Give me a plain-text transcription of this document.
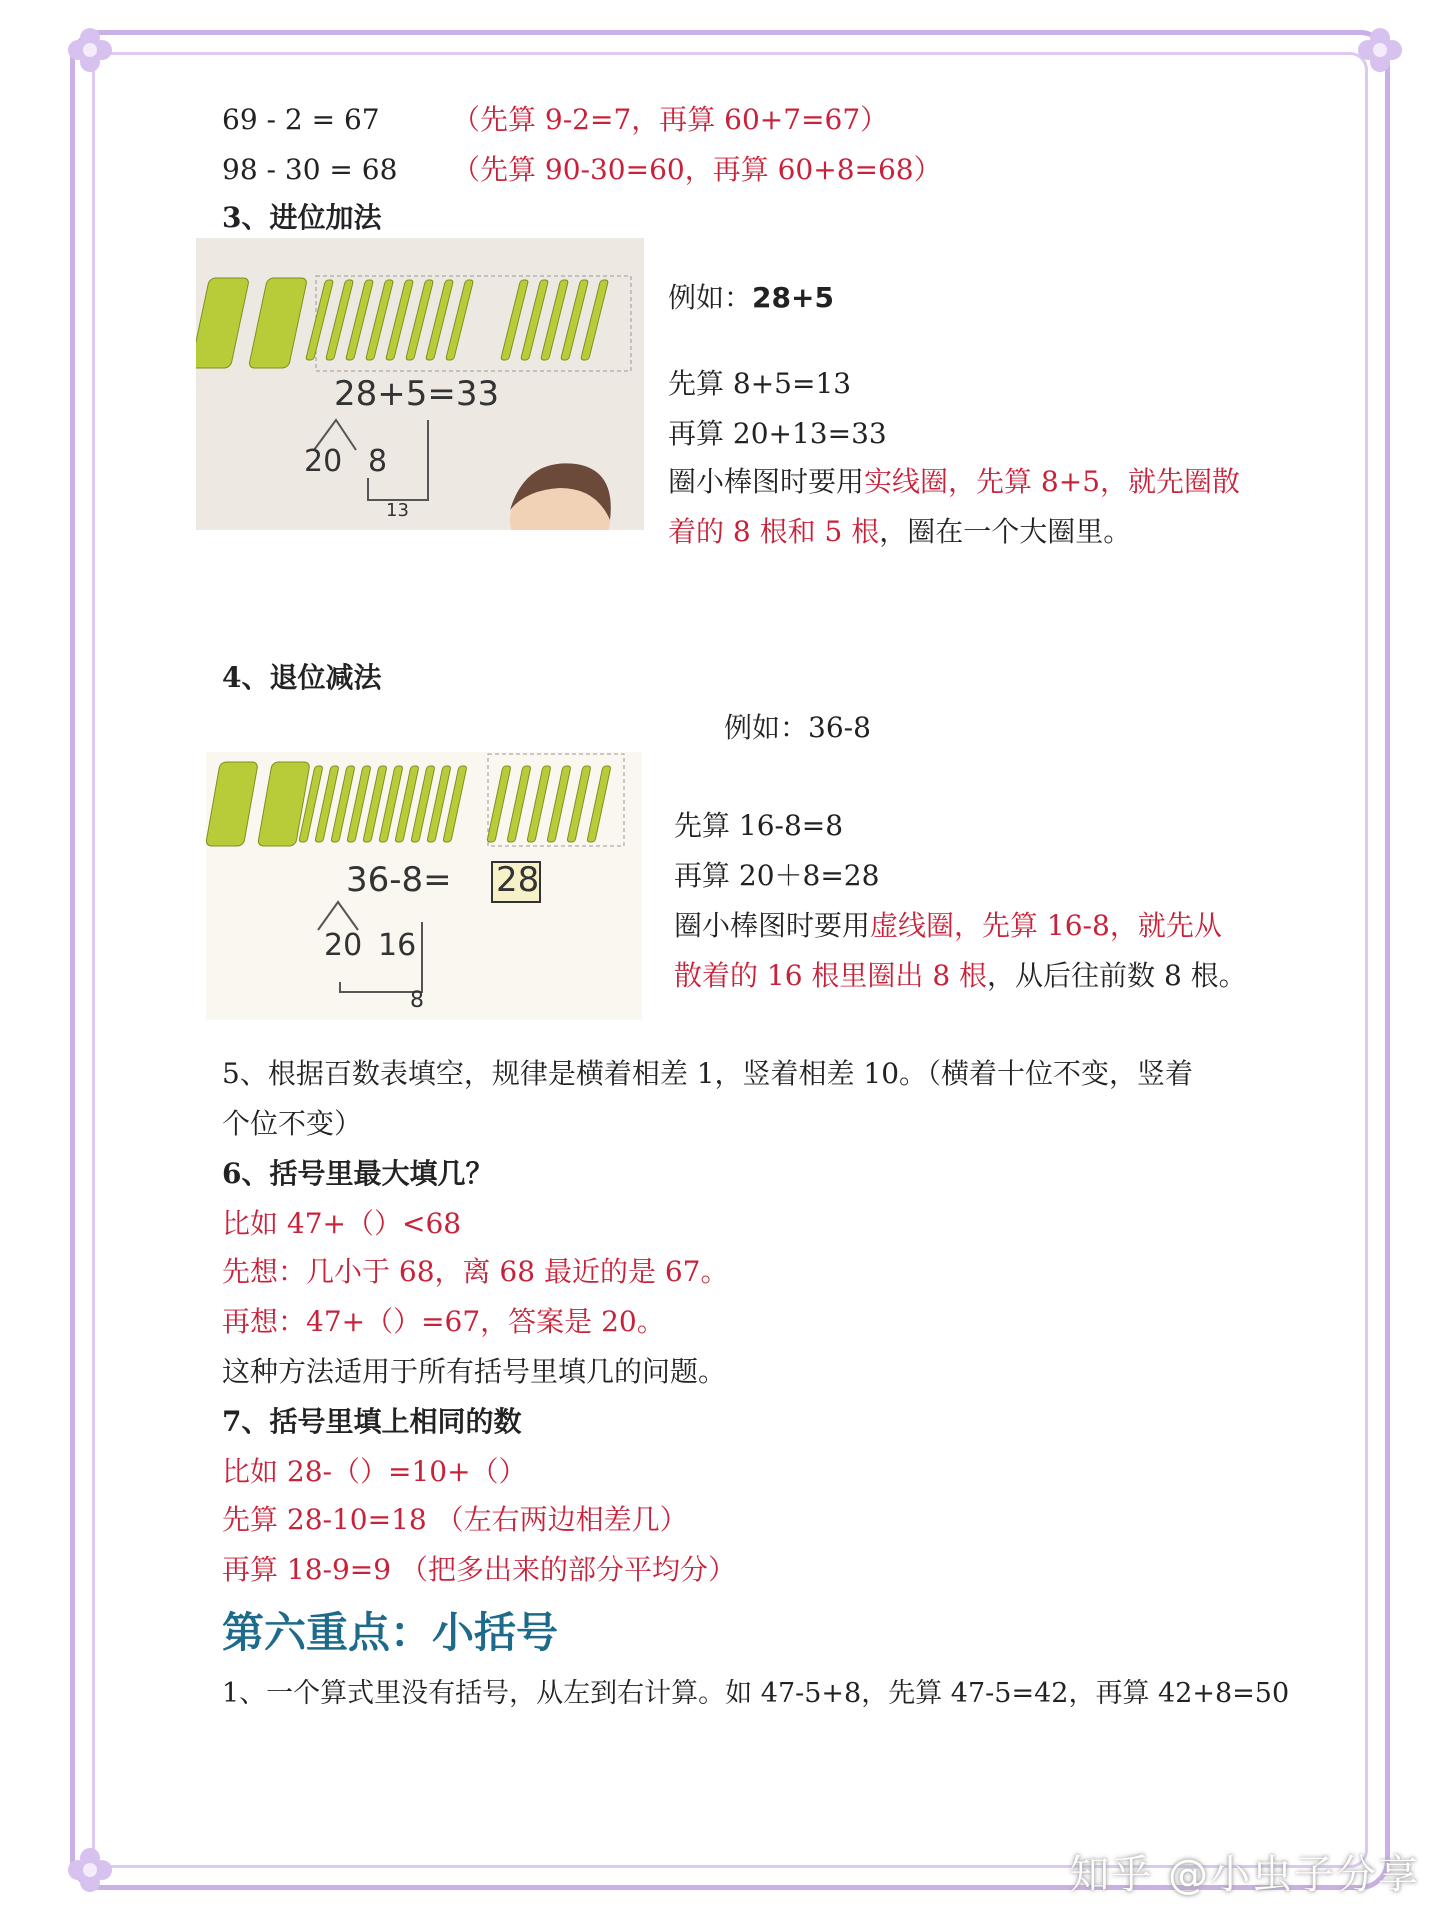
69 - 2 = 67	（先算 9-2=7，再算 60+7=67）
98 - 30 = 68 （先算 90-30=60，再算 60+8=68）
3、进位加法
28+5=33
20 8
13
例如：28+5
先算 8+5=13
再算 20+13=33
圈小棒图时要用实线圈，先算 8+5，就先圈散
着的 8 根和 5 根，圈在一个大圈里。
4、退位减法
例如：36-8
36-8= 28
20 16
8
先算 16-8=8
再算 20＋8=28
圈小棒图时要用虚线圈，先算 16-8，就先从
散着的 16 根里圈出 8 根，从后往前数 8 根。
5、根据百数表填空，规律是横着相差 1，竖着相差 10。（横着十位不变，竖着
个位不变）
6、括号里最大填几？
比如 47+（）<68
先想：几小于 68，离 68 最近的是 67。
再想：47+（）=67，答案是 20。
这种方法适用于所有括号里填几的问题。
7、括号里填上相同的数
比如 28-（）=10+（）
先算 28-10=18 （左右两边相差几）
再算 18-9=9 （把多出来的部分平均分）
第六重点：小括号
1、一个算式里没有括号，从左到右计算。如 47-5+8，先算 47-5=42，再算 42+8=50
知乎 @小虫子分享
